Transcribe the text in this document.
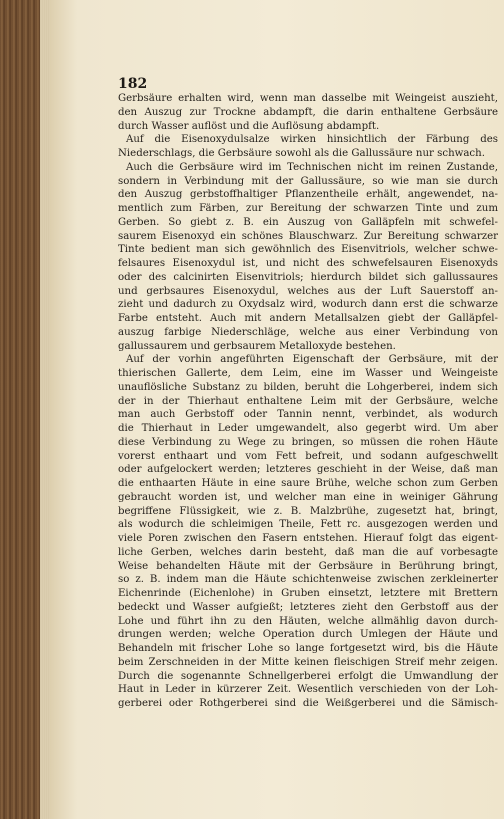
182
Gerbsäure erhalten wird, wenn man dasselbe mit Weingeist auszieht,
den Auszug zur Trockne abdampft, die darin enthaltene Gerbsäure
durch Wasser auflöst und die Auflösung abdampft.
Auf die Eisenoxydulsalze wirken hinsichtlich der Färbung des
Niederschlags, die Gerbsäure sowohl als die Gallussäure nur schwach.
Auch die Gerbsäure wird im Technischen nicht im reinen Zustande,
sondern in Verbindung mit der Gallussäure, so wie man sie durch
den Auszug gerbstoffhaltiger Pflanzentheile erhält, angewendet, na-
mentlich zum Färben, zur Bereitung der schwarzen Tinte und zum
Gerben. So giebt z. B. ein Auszug von Galläpfeln mit schwefel-
saurem Eisenoxyd ein schönes Blauschwarz. Zur Bereitung schwarzer
Tinte bedient man sich gewöhnlich des Eisenvitriols, welcher schwe-
felsaures Eisenoxydul ist, und nicht des schwefelsauren Eisenoxyds
oder des calcinirten Eisenvitriols; hierdurch bildet sich gallussaures
und gerbsaures Eisenoxydul, welches aus der Luft Sauerstoff an-
zieht und dadurch zu Oxydsalz wird, wodurch dann erst die schwarze
Farbe entsteht. Auch mit andern Metallsalzen giebt der Galläpfel-
auszug farbige Niederschläge, welche aus einer Verbindung von
gallussaurem und gerbsaurem Metalloxyde bestehen.
Auf der vorhin angeführten Eigenschaft der Gerbsäure, mit der
thierischen Gallerte, dem Leim, eine im Wasser und Weingeiste
unauflösliche Substanz zu bilden, beruht die Lohgerberei, indem sich
der in der Thierhaut enthaltene Leim mit der Gerbsäure, welche
man auch Gerbstoff oder Tannin nennt, verbindet, als wodurch
die Thierhaut in Leder umgewandelt, also gegerbt wird. Um aber
diese Verbindung zu Wege zu bringen, so müssen die rohen Häute
vorerst enthaart und vom Fett befreit, und sodann aufgeschwellt
oder aufgelockert werden; letzteres geschieht in der Weise, daß man
die enthaarten Häute in eine saure Brühe, welche schon zum Gerben
gebraucht worden ist, und welcher man eine in weiniger Gährung
begriffene Flüssigkeit, wie z. B. Malzbrühe, zugesetzt hat, bringt,
als wodurch die schleimigen Theile, Fett rc. ausgezogen werden und
viele Poren zwischen den Fasern entstehen. Hierauf folgt das eigent-
liche Gerben, welches darin besteht, daß man die auf vorbesagte
Weise behandelten Häute mit der Gerbsäure in Berührung bringt,
so z. B. indem man die Häute schichtenweise zwischen zerkleinerter
Eichenrinde (Eichenlohe) in Gruben einsetzt, letztere mit Brettern
bedeckt und Wasser aufgießt; letzteres zieht den Gerbstoff aus der
Lohe und führt ihn zu den Häuten, welche allmählig davon durch-
drungen werden; welche Operation durch Umlegen der Häute und
Behandeln mit frischer Lohe so lange fortgesetzt wird, bis die Häute
beim Zerschneiden in der Mitte keinen fleischigen Streif mehr zeigen.
Durch die sogenannte Schnellgerberei erfolgt die Umwandlung der
Haut in Leder in kürzerer Zeit. Wesentlich verschieden von der Loh-
gerberei oder Rothgerberei sind die Weißgerberei und die Sämisch-
